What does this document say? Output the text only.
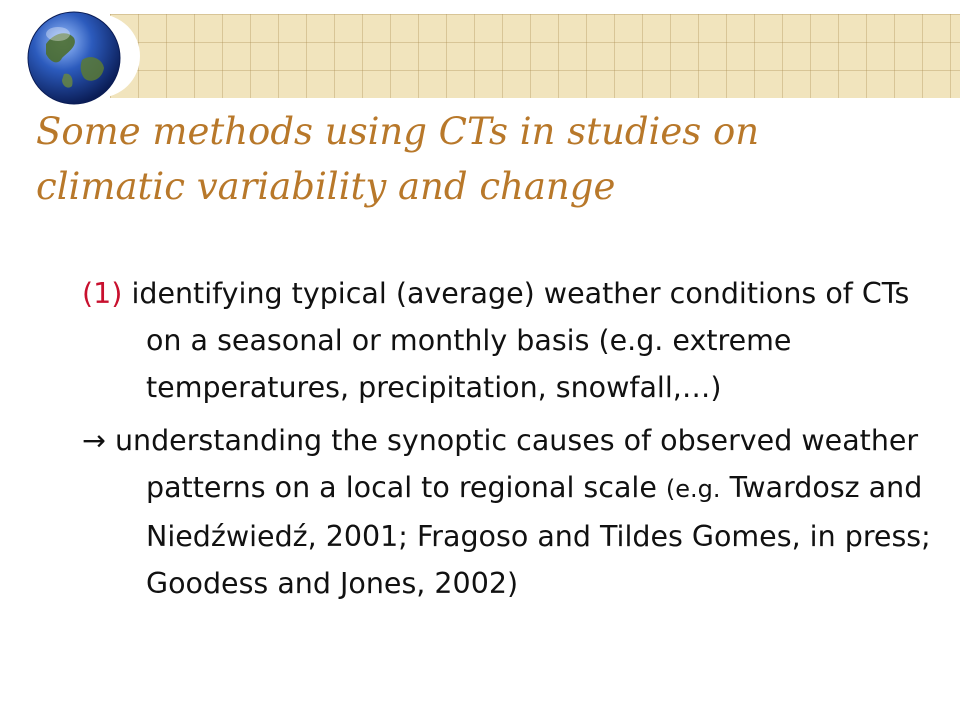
Some methods using CTs in studies on
climatic variability and change

(1) identifying typical (average) weather conditions of CTs on a seasonal or monthly basis (e.g. extreme temperatures, precipitation, snowfall,…)

→ understanding the synoptic causes of observed weather patterns on a local to regional scale (e.g. Twardosz and Niedźwiedź, 2001; Fragoso and Tildes Gomes, in press; Goodess and Jones, 2002)
